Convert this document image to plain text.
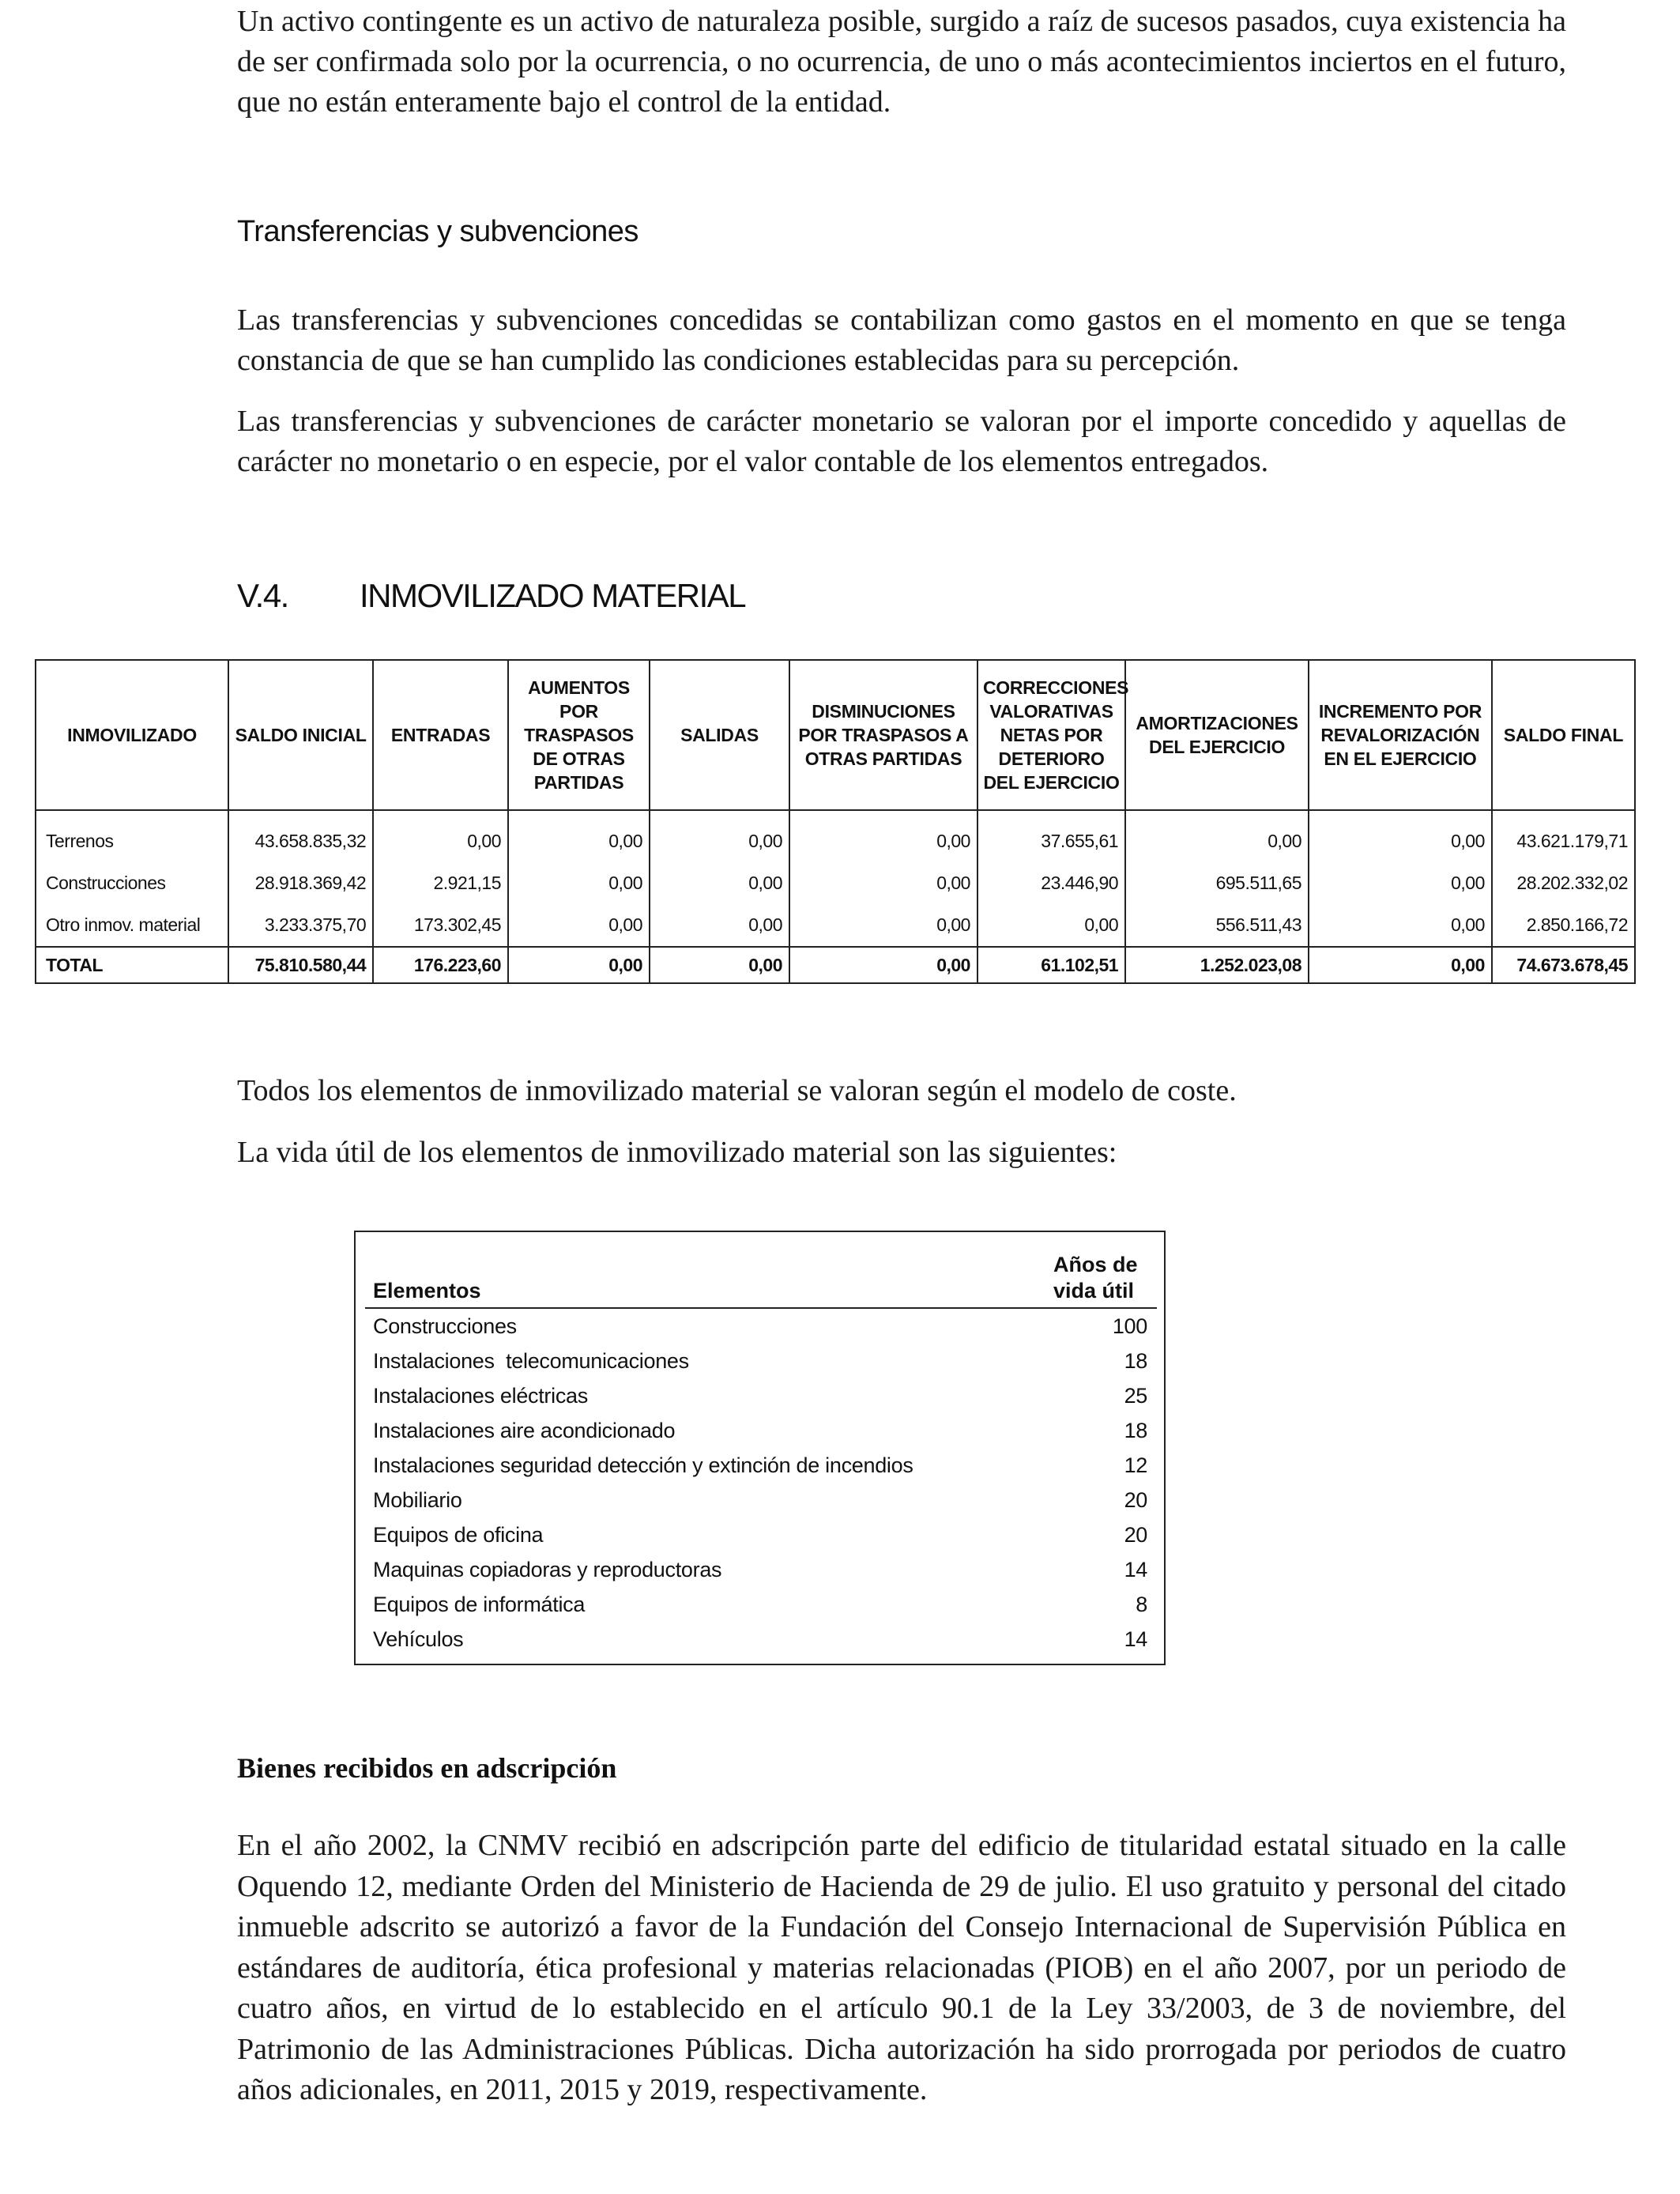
Un activo contingente es un activo de naturaleza posible, surgido a raíz de sucesos pasados, cuya existencia ha de ser confirmada solo por la ocurrencia, o no ocurrencia, de uno o más acontecimientos inciertos en el futuro, que no están enteramente bajo el control de la entidad.

Transferencias y subvenciones

Las transferencias y subvenciones concedidas se contabilizan como gastos en el momento en que se tenga constancia de que se han cumplido las condiciones establecidas para su percepción.

Las transferencias y subvenciones de carácter monetario se valoran por el importe concedido y aquellas de carácter no monetario o en especie, por el valor contable de los elementos entregados.

V.4. INMOVILIZADO MATERIAL
INMOVILIZADO	SALDO INICIAL	ENTRADAS	AUMENTOS POR TRASPASOS DE OTRAS PARTIDAS	SALIDAS	DISMINUCIONES POR TRASPASOS A OTRAS PARTIDAS	CORRECCIONES VALORATIVAS NETAS POR DETERIORO DEL EJERCICIO	AMORTIZACIONES DEL EJERCICIO	INCREMENTO POR REVALORIZACIÓN EN EL EJERCICIO	SALDO FINAL

Terrenos	43.658.835,32	0,00	0,00	0,00	0,00	37.655,61	0,00	0,00	43.621.179,71
Construcciones	28.918.369,42	2.921,15	0,00	0,00	0,00	23.446,90	695.511,65	0,00	28.202.332,02
Otro inmov. material	3.233.375,70	173.302,45	0,00	0,00	0,00	0,00	556.511,43	0,00	2.850.166,72
TOTAL	75.810.580,44	176.223,60	0,00	0,00	0,00	61.102,51	1.252.023,08	0,00	74.673.678,45

Todos los elementos de inmovilizado material se valoran según el modelo de coste.

La vida útil de los elementos de inmovilizado material son las siguientes:

Elementos	Años de
vida útil
Construcciones	100
Instalaciones  telecomunicaciones	18
Instalaciones eléctricas	25
Instalaciones aire acondicionado	18
Instalaciones seguridad detección y extinción de incendios	12
Mobiliario	20
Equipos de oficina	20
Maquinas copiadoras y reproductoras	14
Equipos de informática	8
Vehículos	14
Bienes recibidos en adscripción

En el año 2002, la CNMV recibió en adscripción parte del edificio de titularidad estatal situado en la calle Oquendo 12, mediante Orden del Ministerio de Hacienda de 29 de julio. El uso gratuito y personal del citado inmueble adscrito se autorizó a favor de la Fundación del Consejo Internacional de Supervisión Pública en estándares de auditoría, ética profesional y materias relacionadas (PIOB) en el año 2007, por un periodo de cuatro años, en virtud de lo establecido en el artículo 90.1 de la Ley 33/2003, de 3 de noviembre, del Patrimonio de las Administraciones Públicas. Dicha autorización ha sido prorrogada por periodos de cuatro años adicionales, en 2011, 2015 y 2019, respectivamente.
